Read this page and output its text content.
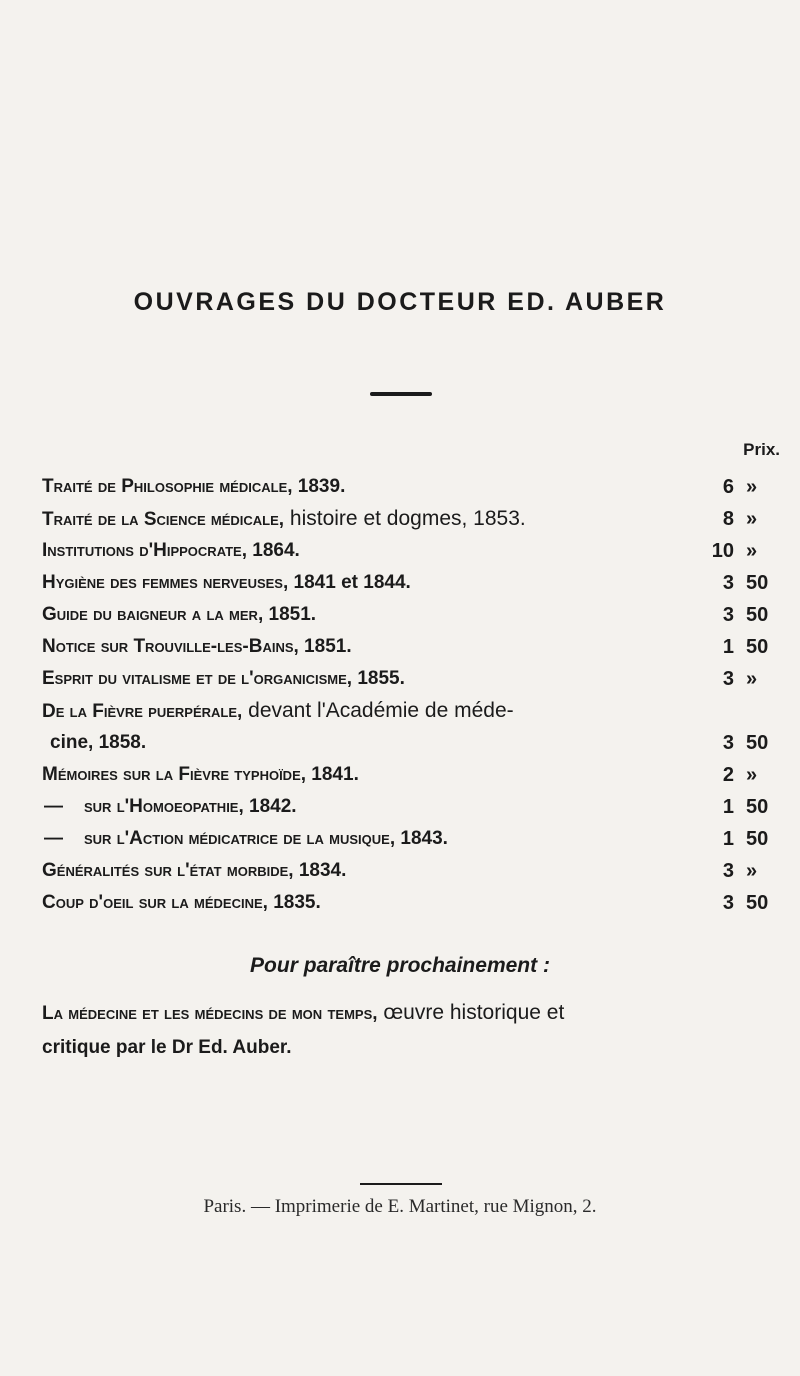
OUVRAGES DU DOCTEUR ED. AUBER
Prix.
Traité de Philosophie médicale, 1839.	6 »
Traité de la Science médicale, histoire et dogmes, 1853.	8 »
Institutions d'Hippocrate, 1864.	10 »
Hygiène des femmes nerveuses, 1841 et 1844.	3 50
Guide du baigneur a la mer, 1851.	3 50
Notice sur Trouville-les-Bains, 1851.	1 50
Esprit du vitalisme et de l'organicisme, 1855.	3 »
De la Fièvre puerpérale, devant l'Académie de méde-
cine, 1858.	3 50
Mémoires sur la Fièvre typhoïde, 1841.	2 »
— sur l'Homoeopathie, 1842.	1 50
— sur l'Action médicatrice de la musique, 1843.	1 50
Généralités sur l'état morbide, 1834.	3 »
Coup d'oeil sur la médecine, 1835.	3 50
Pour paraître prochainement :
La médecine et les médecins de mon temps, œuvre historique et
critique par le Dr Ed. Auber.
Paris. — Imprimerie de E. Martinet, rue Mignon, 2.
